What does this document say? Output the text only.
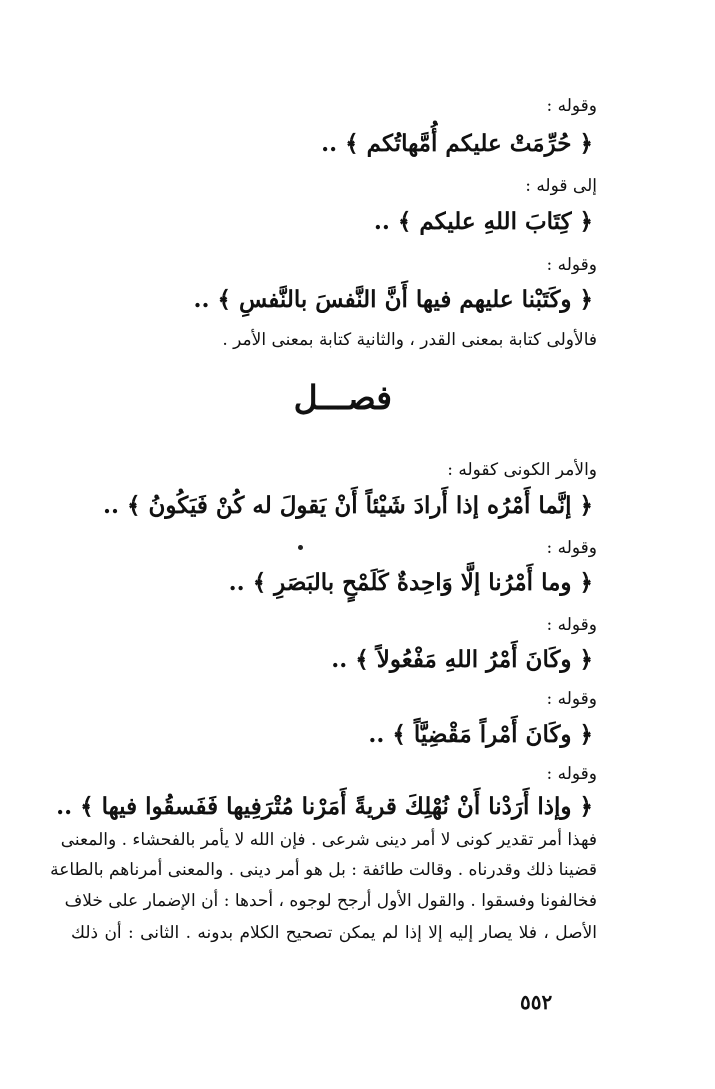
وقوله :
﴿ حُرِّمَتْ عليكم أُمَّهاتُكم ﴾ ..
إلى قوله :
﴿ كِتَابَ اللهِ عليكم ﴾ ..
وقوله :
﴿ وكَتَبْنا عليهم فيها أَنَّ النَّفسَ بالنَّفسِ ﴾ ..
فالأولى كتابة بمعنى القدر ، والثانية كتابة بمعنى الأمر .
فصـــل
والأمر الكونى كقوله :
﴿ إنَّما أَمْرُه إذا أَرادَ شَيْئاً أَنْ يَقولَ له كُنْ فَيَكُونُ ﴾ ..
وقوله :
﴿ وما أَمْرُنا إلَّا وَاحِدةٌ كَلَمْحٍ بالبَصَرِ ﴾ ..
وقوله :
﴿ وكَانَ أَمْرُ اللهِ مَفْعُولاً ﴾ ..
وقوله :
﴿ وكَانَ أَمْراً مَقْضِيَّاً ﴾ ..
وقوله :
﴿ وإذا أَرَدْنا أَنْ نُهْلِكَ قريةً أَمَرْنا مُتْرَفِيها فَفَسقُوا فيها ﴾ ..
فهذا أمر تقدير كونى لا أمر دينى شرعى . فإن الله لا يأمر بالفحشاء . والمعنى
قضينا ذلك وقدرناه . وقالت طائفة : بل هو أمر دينى . والمعنى أمرناهم بالطاعة
فخالفونا وفسقوا . والقول الأول أرجح لوجوه ، أحدها : أن الإضمار على خلاف
الأصل ، فلا يصار إليه إلا إذا لم يمكن تصحيح الكلام بدونه . الثانى : أن ذلك
٥٥٢
